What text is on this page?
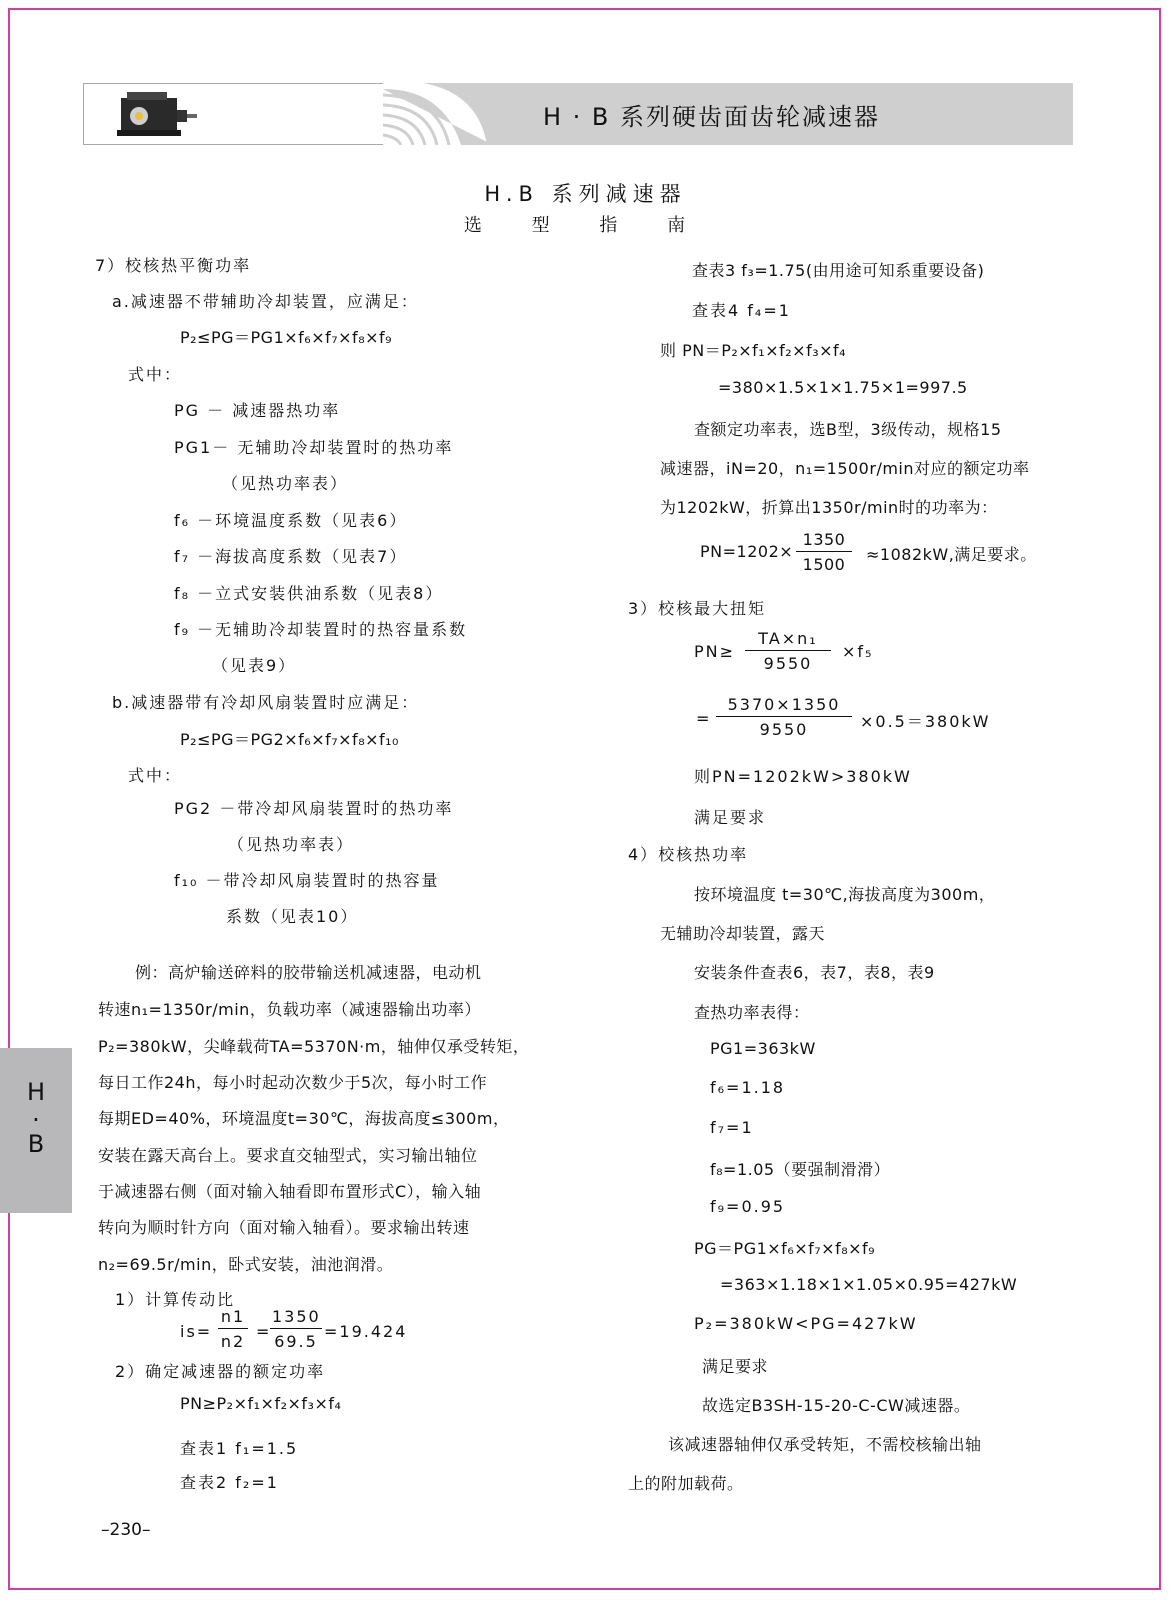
H · B 系列硬齿面齿轮减速器
H.B 系列减速器
选 型 指 南
H
·
B
7）校核热平衡功率
a.减速器不带辅助冷却装置，应满足：
P₂≤PG＝PG1×f₆×f₇×f₈×f₉
式中：
PG － 减速器热功率
PG1－ 无辅助冷却装置时的热功率
（见热功率表）
f₆ －环境温度系数（见表6）
f₇ －海拔高度系数（见表7）
f₈ －立式安装供油系数（见表8）
f₉ －无辅助冷却装置时的热容量系数
（见表9）
b.减速器带有冷却风扇装置时应满足：
P₂≤PG＝PG2×f₆×f₇×f₈×f₁₀
式中：
PG2 －带冷却风扇装置时的热功率
（见热功率表）
f₁₀ －带冷却风扇装置时的热容量
系数（见表10）
例：高炉输送碎料的胶带输送机减速器，电动机
转速n₁=1350r/min，负载功率（减速器输出功率）
P₂=380kW，尖峰载荷TA=5370N·m，轴伸仅承受转矩，
每日工作24h，每小时起动次数少于5次，每小时工作
每期ED=40%，环境温度t=30℃，海拔高度≤300m，
安装在露天高台上。要求直交轴型式，实习输出轴位
于减速器右侧（面对输入轴看即布置形式C），输入轴
转向为顺时针方向（面对输入轴看）。要求输出转速
n₂=69.5r/min，卧式安装，油池润滑。
1）计算传动比
$is= \frac{n1}{n2}$ =
$\frac{1350}{69.5} =19.424$
2）确定减速器的额定功率
PN≥P₂×f₁×f₂×f₃×f₄
查表1 f₁=1.5
查表2 f₂=1
–230–
查表3 f₃=1.75(由用途可知系重要设备)
查表4 f₄=1
则 PN＝P₂×f₁×f₂×f₃×f₄
=380×1.5×1×1.75×1=997.5
查额定功率表，选B型，3级传动，规格15
减速器，iN=20，n₁=1500r/min对应的额定功率
为1202kW，折算出1350r/min时的功率为：
$PN=1202\times \frac{1350}{1500} \approx 1082kW$,满足要求。
3）校核最大扭矩
$PN\ge \frac{\text{TA×n₁}}{9550} \times f_5$
= $\frac{5370\times 1350}{9550} \times 0.5=380kW$
则PN=1202kW>380kW
满足要求
4）校核热功率
按环境温度 t=30℃,海拔高度为300m，
无辅助冷却装置，露天
安装条件查表6，表7，表8，表9
查热功率表得：
PG1=363kW
f₆=1.18
f₇=1
f₈=1.05（要强制滑滑）
f₉=0.95
PG＝PG1×f₆×f₇×f₈×f₉
=363×1.18×1×1.05×0.95=427kW
P₂=380kW<PG=427kW
满足要求
故选定B3SH-15-20-C-CW减速器。
该减速器轴伸仅承受转矩，不需校核输出轴
上的附加载荷。
